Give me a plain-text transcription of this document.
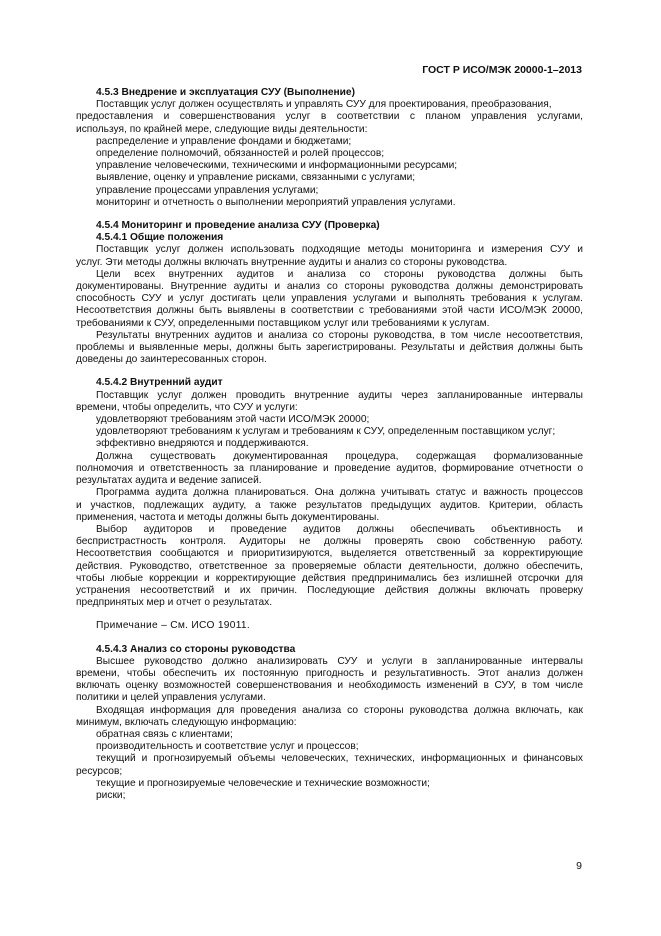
ГОСТ Р ИСО/МЭК 20000-1–2013
4.5.3 Внедрение и эксплуатация СУУ (Выполнение)
Поставщик услуг должен осуществлять и управлять СУУ для проектирования, преобразования,
предоставления и совершенствования услуг в соответствии с планом управления услугами,
используя, по крайней мере, следующие виды деятельности:
распределение и управление фондами и бюджетами;
определение полномочий, обязанностей и ролей процессов;
управление человеческими, техническими и информационными ресурсами;
выявление, оценку и управление рисками, связанными с услугами;
управление процессами управления услугами;
мониторинг и отчетность о выполнении мероприятий управления услугами.
4.5.4 Мониторинг и проведение анализа СУУ (Проверка)
4.5.4.1 Общие положения
Поставщик услуг должен использовать подходящие методы мониторинга и измерения СУУ и
услуг. Эти методы должны включать внутренние аудиты и анализ со стороны руководства.
Цели всех внутренних аудитов и анализа со стороны руководства должны быть
документированы. Внутренние аудиты и анализ со стороны руководства должны демонстрировать
способность СУУ и услуг достигать цели управления услугами и выполнять требования к услугам.
Несоответствия должны быть выявлены в соответствии с требованиями этой части ИСО/МЭК 20000,
требованиями к СУУ, определенными поставщиком услуг или требованиями к услугам.
Результаты внутренних аудитов и анализа со стороны руководства, в том числе несоответствия,
проблемы и выявленные меры, должны быть зарегистрированы. Результаты и действия должны быть
доведены до заинтересованных сторон.
4.5.4.2 Внутренний аудит
Поставщик услуг должен проводить внутренние аудиты через запланированные интервалы
времени, чтобы определить, что СУУ и услуги:
удовлетворяют требованиям этой части ИСО/МЭК 20000;
удовлетворяют требованиям к услугам и требованиям к СУУ, определенным поставщиком услуг;
эффективно внедряются и поддерживаются.
Должна существовать документированная процедура, содержащая формализованные
полномочия и ответственность за планирование и проведение аудитов, формирование отчетности о
результатах аудита и ведение записей.
Программа аудита должна планироваться. Она должна учитывать статус и важность процессов
и участков, подлежащих аудиту, а также результатов предыдущих аудитов. Критерии, область
применения, частота и методы должны быть документированы.
Выбор аудиторов и проведение аудитов должны обеспечивать объективность и
беспристрастность контроля. Аудиторы не должны проверять свою собственную работу.
Несоответствия сообщаются и приоритизируются, выделяется ответственный за корректирующие
действия. Руководство, ответственное за проверяемые области деятельности, должно обеспечить,
чтобы любые коррекции и корректирующие действия предпринимались без излишней отсрочки для
устранения несоответствий и их причин. Последующие действия должны включать проверку
предпринятых мер и отчет о результатах.
Примечание – См. ИСО 19011.
4.5.4.3 Анализ со стороны руководства
Высшее руководство должно анализировать СУУ и услуги в запланированные интервалы
времени, чтобы обеспечить их постоянную пригодность и результативность. Этот анализ должен
включать оценку возможностей совершенствования и необходимость изменений в СУУ, в том числе
политики и целей управления услугами.
Входящая информация для проведения анализа со стороны руководства должна включать, как
минимум, включать следующую информацию:
обратная связь с клиентами;
производительность и соответствие услуг и процессов;
текущий и прогнозируемый объемы человеческих, технических, информационных и финансовых
ресурсов;
текущие и прогнозируемые человеческие и технические возможности;
риски;
9
